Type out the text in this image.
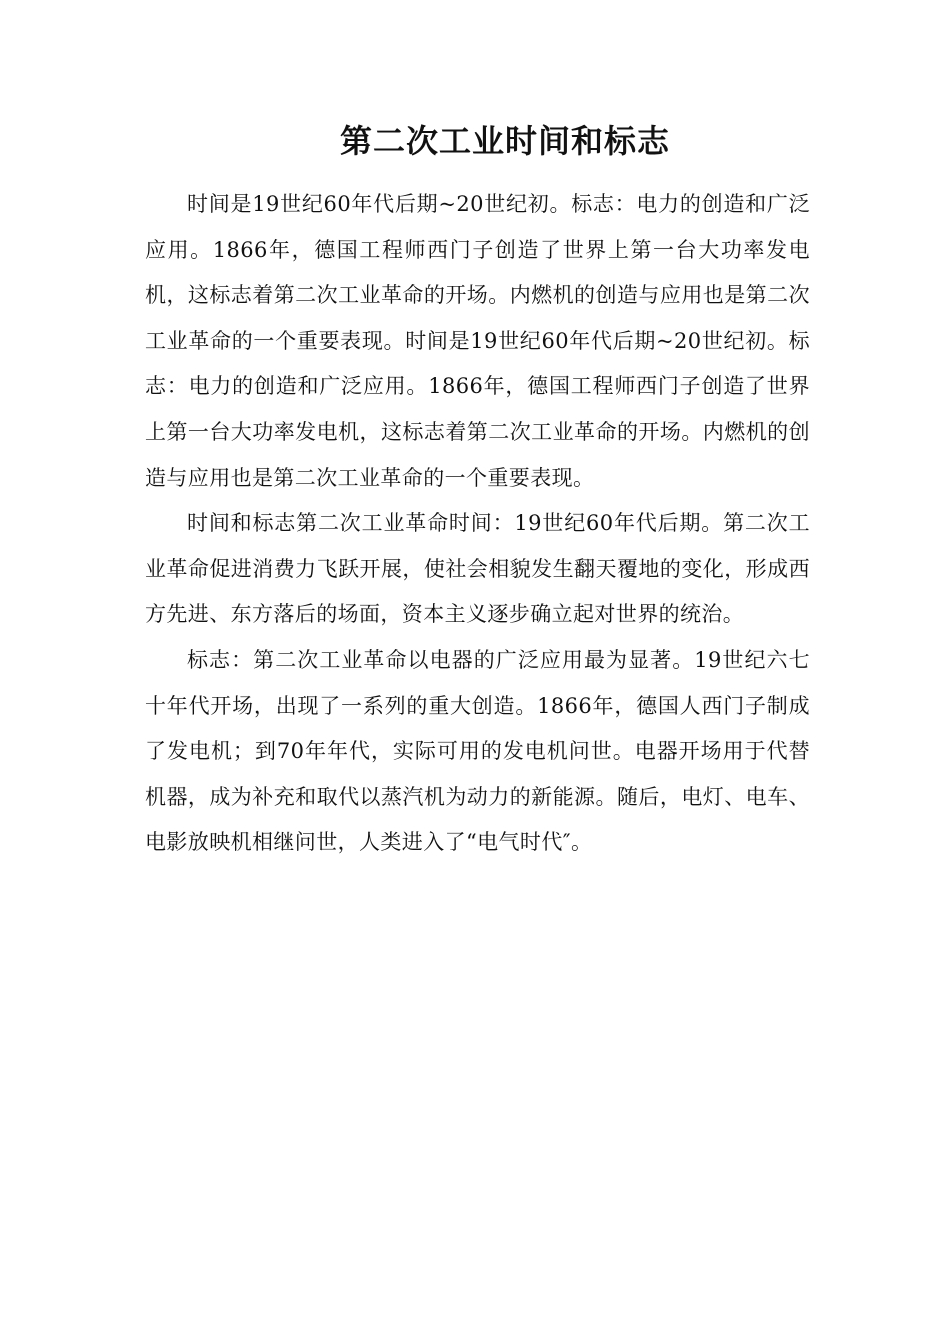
第二次工业时间和标志

时间是19世纪60年代后期~20世纪初。标志：电力的创造和广泛应用。1866年，德国工程师西门子创造了世界上第一台大功率发电机，这标志着第二次工业革命的开场。内燃机的创造与应用也是第二次工业革命的一个重要表现。时间是19世纪60年代后期~20世纪初。标志：电力的创造和广泛应用。1866年，德国工程师西门子创造了世界上第一台大功率发电机，这标志着第二次工业革命的开场。内燃机的创造与应用也是第二次工业革命的一个重要表现。

时间和标志第二次工业革命时间：19世纪60年代后期。第二次工业革命促进消费力飞跃开展，使社会相貌发生翻天覆地的变化，形成西方先进、东方落后的场面，资本主义逐步确立起对世界的统治。

标志：第二次工业革命以电器的广泛应用最为显著。19世纪六七十年代开场，出现了一系列的重大创造。1866年，德国人西门子制成了发电机；到70年年代，实际可用的发电机问世。电器开场用于代替机器，成为补充和取代以蒸汽机为动力的新能源。随后，电灯、电车、电影放映机相继问世，人类进入了“电气时代″。
